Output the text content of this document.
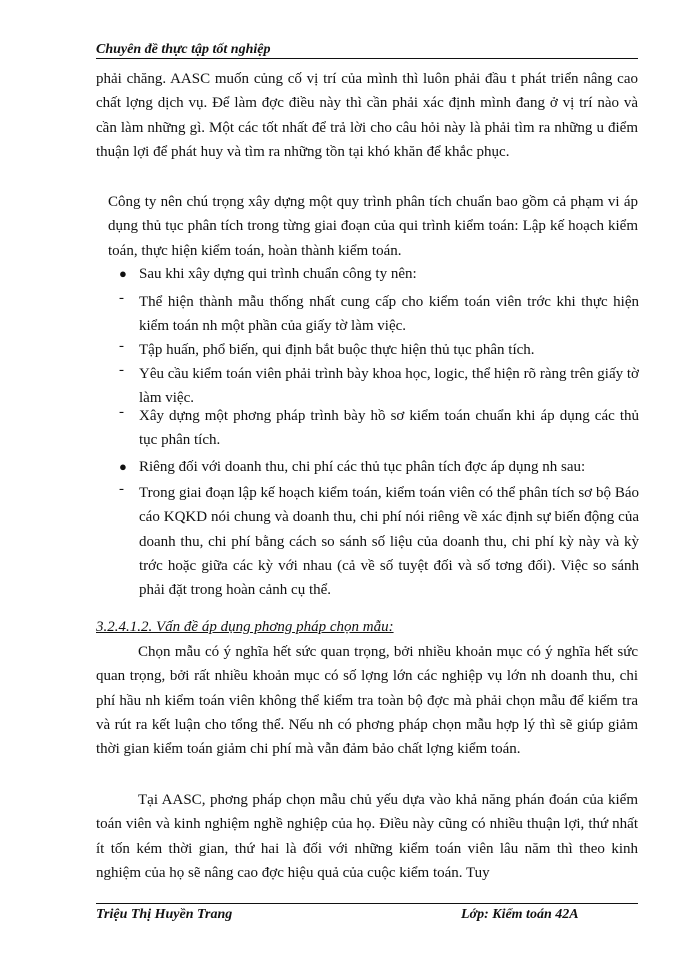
Chuyên đề thực tập tốt nghiệp

phải chăng. AASC muốn củng cố vị trí của mình thì luôn phải đầu t phát triển nâng cao chất lợng dịch vụ. Để làm đợc điều này thì cần phải xác định mình đang ở vị trí nào và cần làm những gì. Một các tốt nhất để trả lời cho câu hỏi này là phải tìm ra những u điểm thuận lợi để phát huy và tìm ra những tồn tại khó khăn để khắc phục.

Công ty nên chú trọng xây dựng một quy trình phân tích chuẩn bao gồm cả phạm vi áp dụng thủ tục phân tích trong từng giai đoạn của qui trình kiểm toán: Lập kế hoạch kiểm toán, thực hiện kiểm toán, hoàn thành kiểm toán.

● Sau khi xây dựng qui trình chuẩn công ty nên:

- Thể hiện thành mẫu thống nhất cung cấp cho kiểm toán viên trớc khi thực hiện kiểm toán nh một phần của giấy tờ làm việc.

- Tập huấn, phổ biến, qui định bắt buộc thực hiện thủ tục phân tích.

- Yêu cầu kiểm toán viên phải trình bày khoa học, logic, thể hiện rõ ràng trên giấy tờ làm việc.

- Xây dựng một phơng pháp trình bày hồ sơ kiểm toán chuẩn khi áp dụng các thủ tục phân tích.

● Riêng đối với doanh thu, chi phí các thủ tục phân tích đợc áp dụng nh sau:

- Trong giai đoạn lập kế hoạch kiểm toán, kiểm toán viên có thể phân tích sơ bộ Báo cáo KQKD nói chung và doanh thu, chi phí nói riêng về xác định sự biến động của doanh thu, chi phí bằng cách so sánh số liệu của doanh thu, chi phí kỳ này và kỳ trớc hoặc giữa các kỳ với nhau (cả về số tuyệt đối và số tơng đối). Việc so sánh phải đặt trong hoàn cảnh cụ thể.

3.2.4.1.2. Vấn đề áp dụng phơng pháp chọn mẫu:

Chọn mẫu có ý nghĩa hết sức quan trọng, bởi nhiều khoản mục có ý nghĩa hết sức quan trọng, bởi rất nhiều khoản mục có số lợng lớn các nghiệp vụ lớn nh doanh thu, chi phí hầu nh kiểm toán viên không thể kiểm tra toàn bộ đợc mà phải chọn mẫu để kiểm tra và rút ra kết luận cho tổng thể. Nếu nh có phơng pháp chọn mẫu hợp lý thì sẽ giúp giảm thời gian kiểm toán giảm chi phí mà vẫn đảm bảo chất lợng kiểm toán.

Tại AASC, phơng pháp chọn mẫu chủ yếu dựa vào khả năng phán đoán của kiểm toán viên và kinh nghiệm nghề nghiệp của họ. Điều này cũng có nhiều thuận lợi, thứ nhất ít tốn kém thời gian, thứ hai là đối với những kiểm toán viên lâu năm thì theo kinh nghiệm của họ sẽ nâng cao đợc hiệu quả của cuộc kiểm toán. Tuy

Triệu Thị Huyền Trang	Lớp: Kiểm toán 42A
